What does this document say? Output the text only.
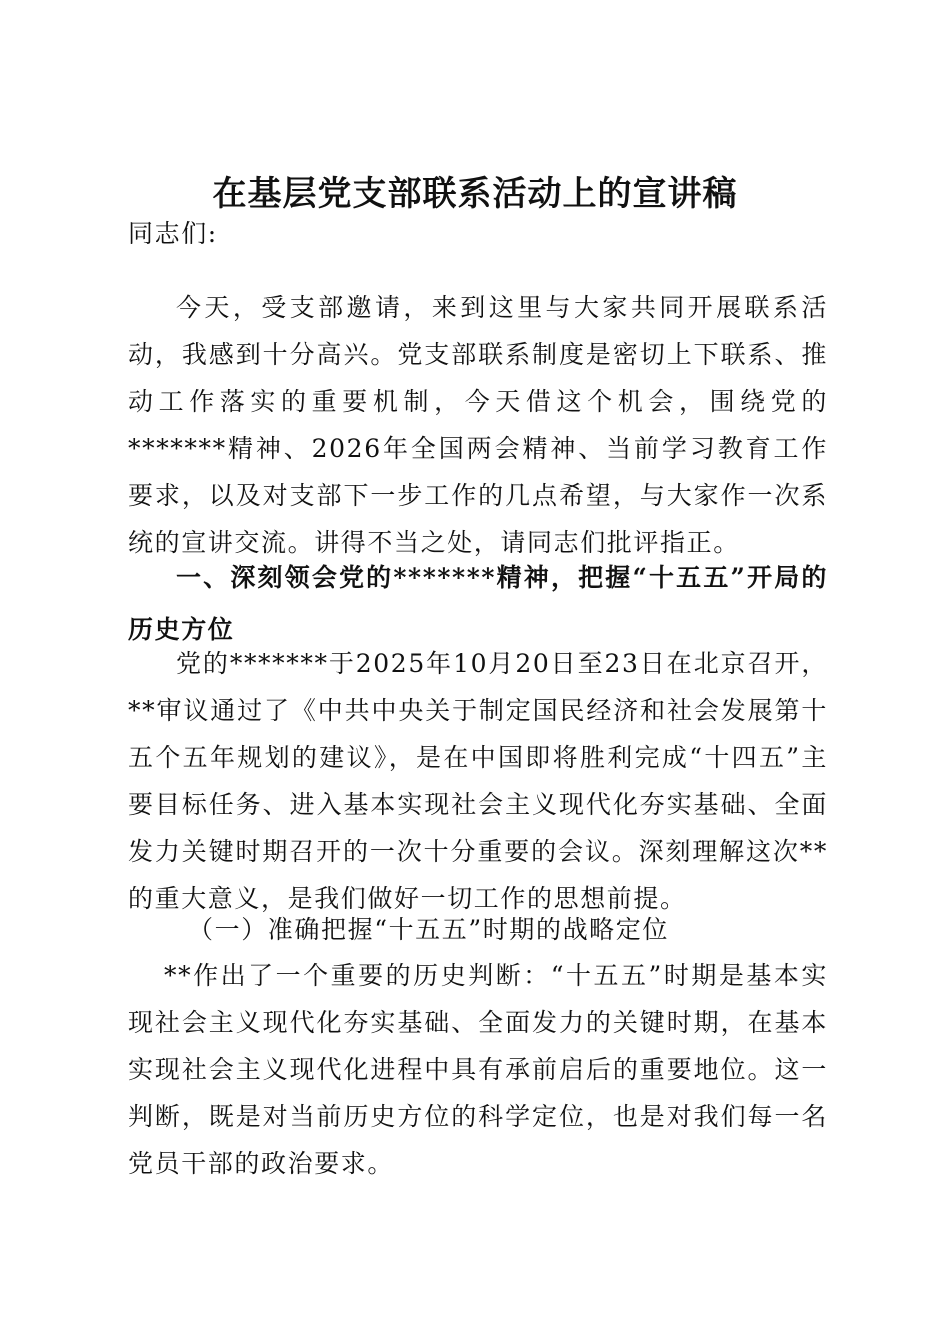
在基层党支部联系活动上的宣讲稿

同志们:

今天，受支部邀请，来到这里与大家共同开展联系活动，我感到十分高兴。党支部联系制度是密切上下联系、推动工作落实的重要机制，今天借这个机会，围绕党的*******精神、2026年全国两会精神、当前学习教育工作要求，以及对支部下一步工作的几点希望，与大家作一次系统的宣讲交流。讲得不当之处，请同志们批评指正。

一、深刻领会党的*******精神，把握“十五五”开局的历史方位

党的*******于2025年10月20日至23日在北京召开，**审议通过了《中共中央关于制定国民经济和社会发展第十五个五年规划的建议》，是在中国即将胜利完成“十四五”主要目标任务、进入基本实现社会主义现代化夯实基础、全面发力关键时期召开的一次十分重要的会议。深刻理解这次**的重大意义，是我们做好一切工作的思想前提。

（一）准确把握“十五五”时期的战略定位

**作出了一个重要的历史判断：“十五五”时期是基本实现社会主义现代化夯实基础、全面发力的关键时期，在基本实现社会主义现代化进程中具有承前启后的重要地位。这一判断，既是对当前历史方位的科学定位，也是对我们每一名党员干部的政治要求。
